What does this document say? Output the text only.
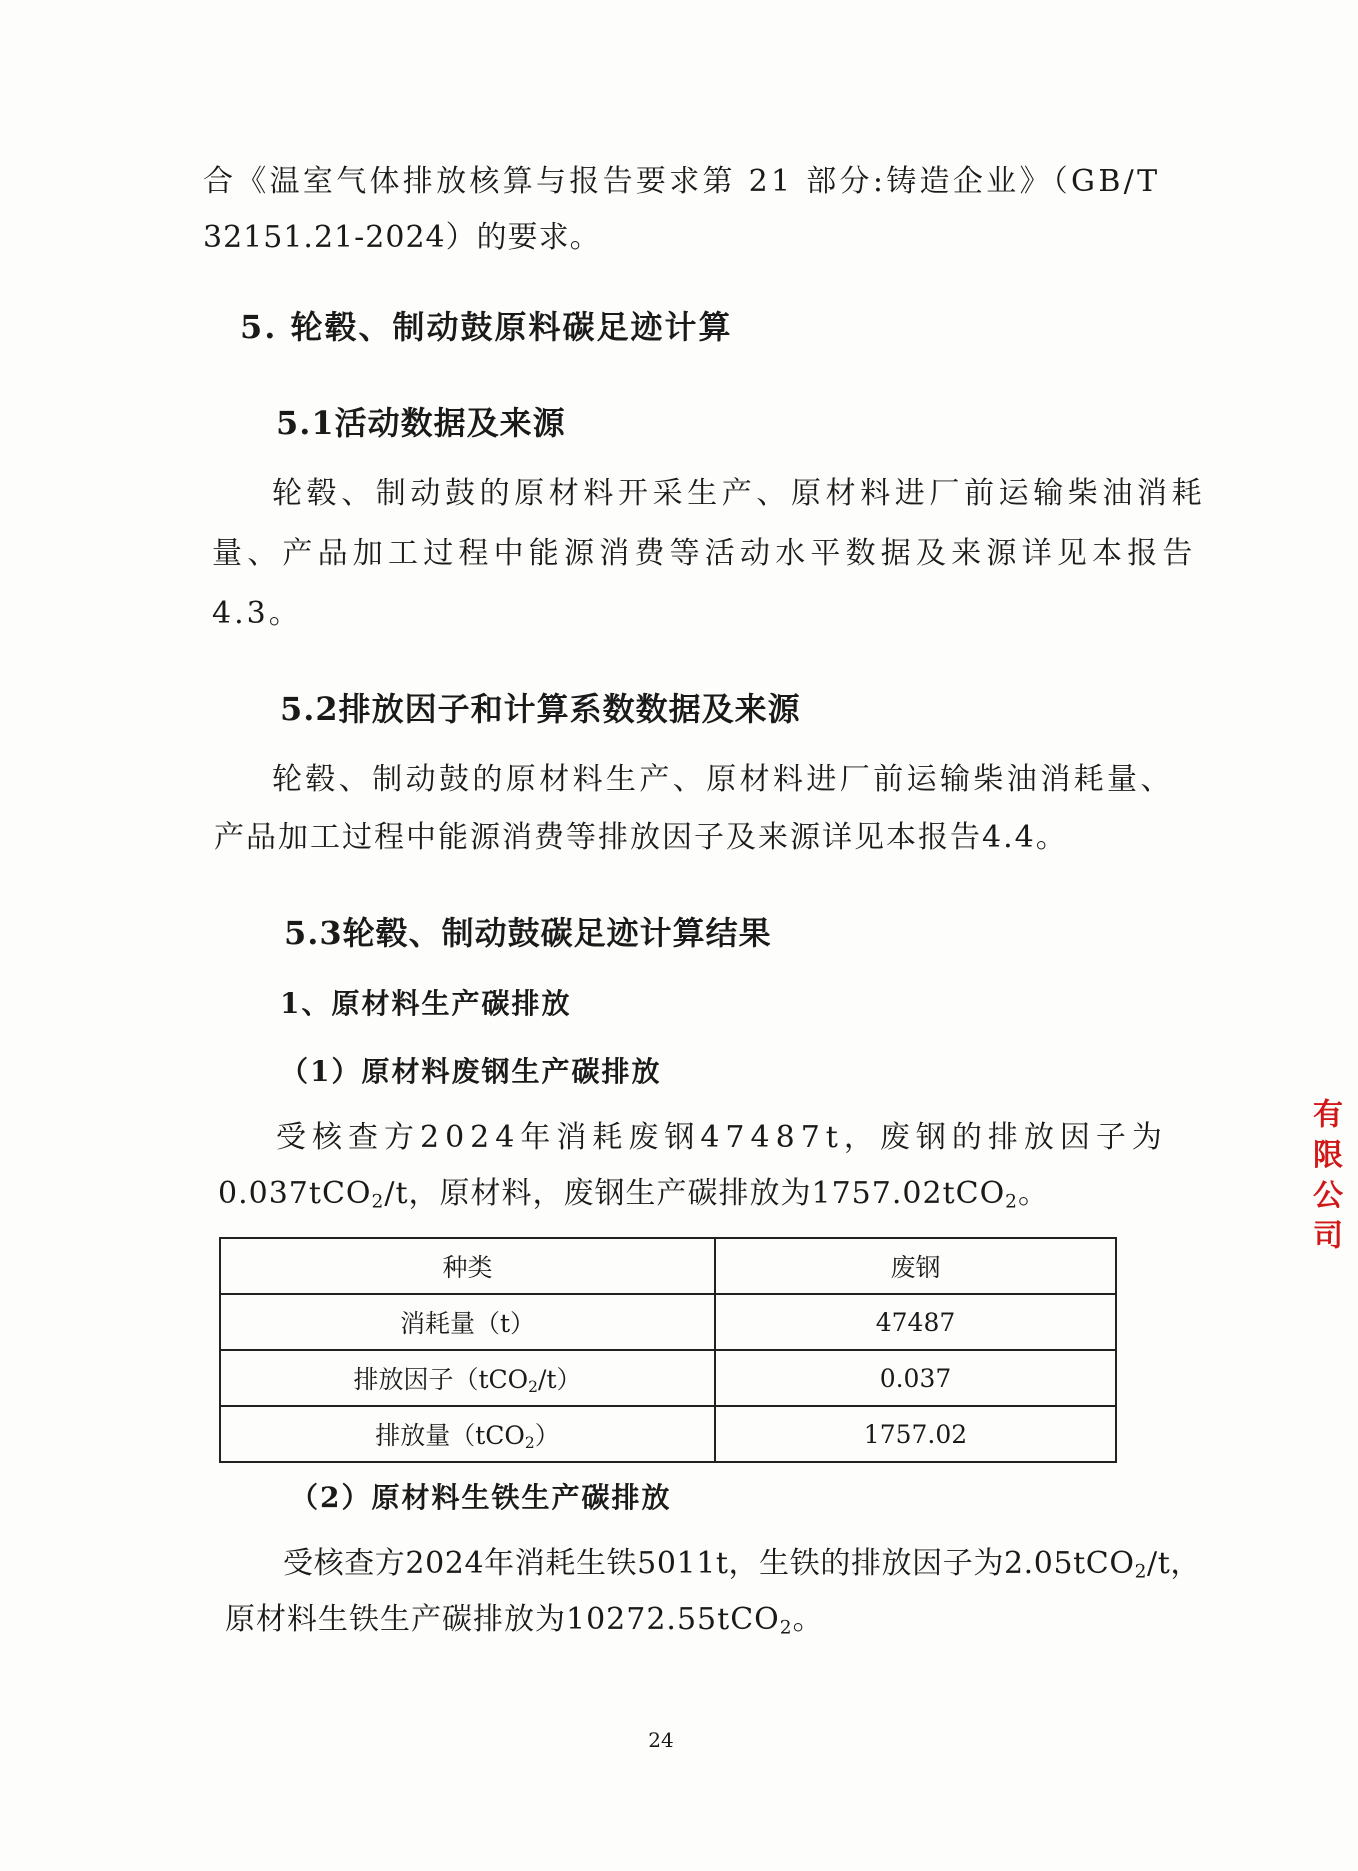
合《温室气体排放核算与报告要求第 21 部分:铸造企业》（GB/T

32151.21-2024）的要求。

5. 轮毂、制动鼓原料碳足迹计算
5.1活动数据及来源

轮毂、制动鼓的原材料开采生产、原材料进厂前运输柴油消耗

量、产品加工过程中能源消费等活动水平数据及来源详见本报告

4.3。

5.2排放因子和计算系数数据及来源

轮毂、制动鼓的原材料生产、原材料进厂前运输柴油消耗量、

产品加工过程中能源消费等排放因子及来源详见本报告4.4。

5.3轮毂、制动鼓碳足迹计算结果
1、原材料生产碳排放
（1）原材料废钢生产碳排放

受核查方2024年消耗废钢47487t，废钢的排放因子为

0.037tCO$_2$/t，原材料，废钢生产碳排放为1757.02tCO$_2$。

种类	废钢
消耗量（t）	47487
排放因子（tCO$_2$/t）	0.037
排放量（tCO$_2$）	1757.02
（2）原材料生铁生产碳排放

受核查方2024年消耗生铁5011t，生铁的排放因子为2.05tCO$_2$/t，

原材料生铁生产碳排放为10272.55tCO$_2$。

24
有 限 公 司
